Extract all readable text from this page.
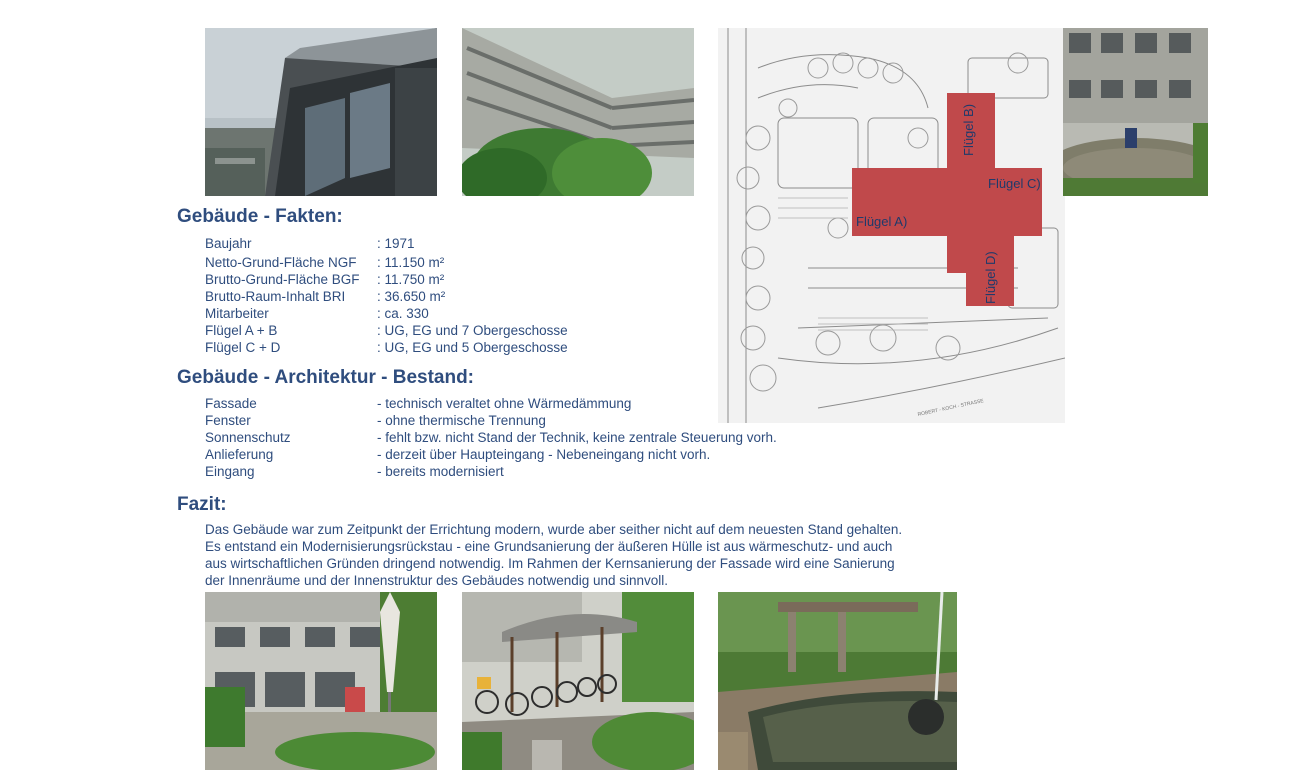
Flügel A)
Flügel B)
Flügel C)
Flügel D)
ROBERT - KOCH - STRASSE
Gebäude - Fakten:
Baujahr	: 1971
Netto-Grund-Fläche NGF	: 11.150 m²
Brutto-Grund-Fläche BGF	: 11.750 m²
Brutto-Raum-Inhalt BRI	: 36.650 m²
Mitarbeiter	: ca. 330
Flügel A + B	: UG, EG und 7 Obergeschosse
Flügel C + D	: UG, EG und 5 Obergeschosse
Gebäude - Architektur - Bestand:
Fassade	- technisch veraltet ohne Wärmedämmung
Fenster	- ohne thermische Trennung
Sonnenschutz	- fehlt bzw. nicht Stand der Technik, keine zentrale Steuerung vorh.
Anlieferung	- derzeit über Haupteingang - Nebeneingang nicht vorh.
Eingang	- bereits modernisiert
Fazit:
Das Gebäude war zum Zeitpunkt der Errichtung modern, wurde aber seither nicht auf dem neuesten Stand gehalten.
Es entstand ein Modernisierungsrückstau - eine Grundsanierung der äußeren Hülle ist aus wärmeschutz- und auch
aus wirtschaftlichen Gründen dringend notwendig. Im Rahmen der Kernsanierung der Fassade wird eine Sanierung
der Innenräume und der Innenstruktur des Gebäudes notwendig und sinnvoll.
